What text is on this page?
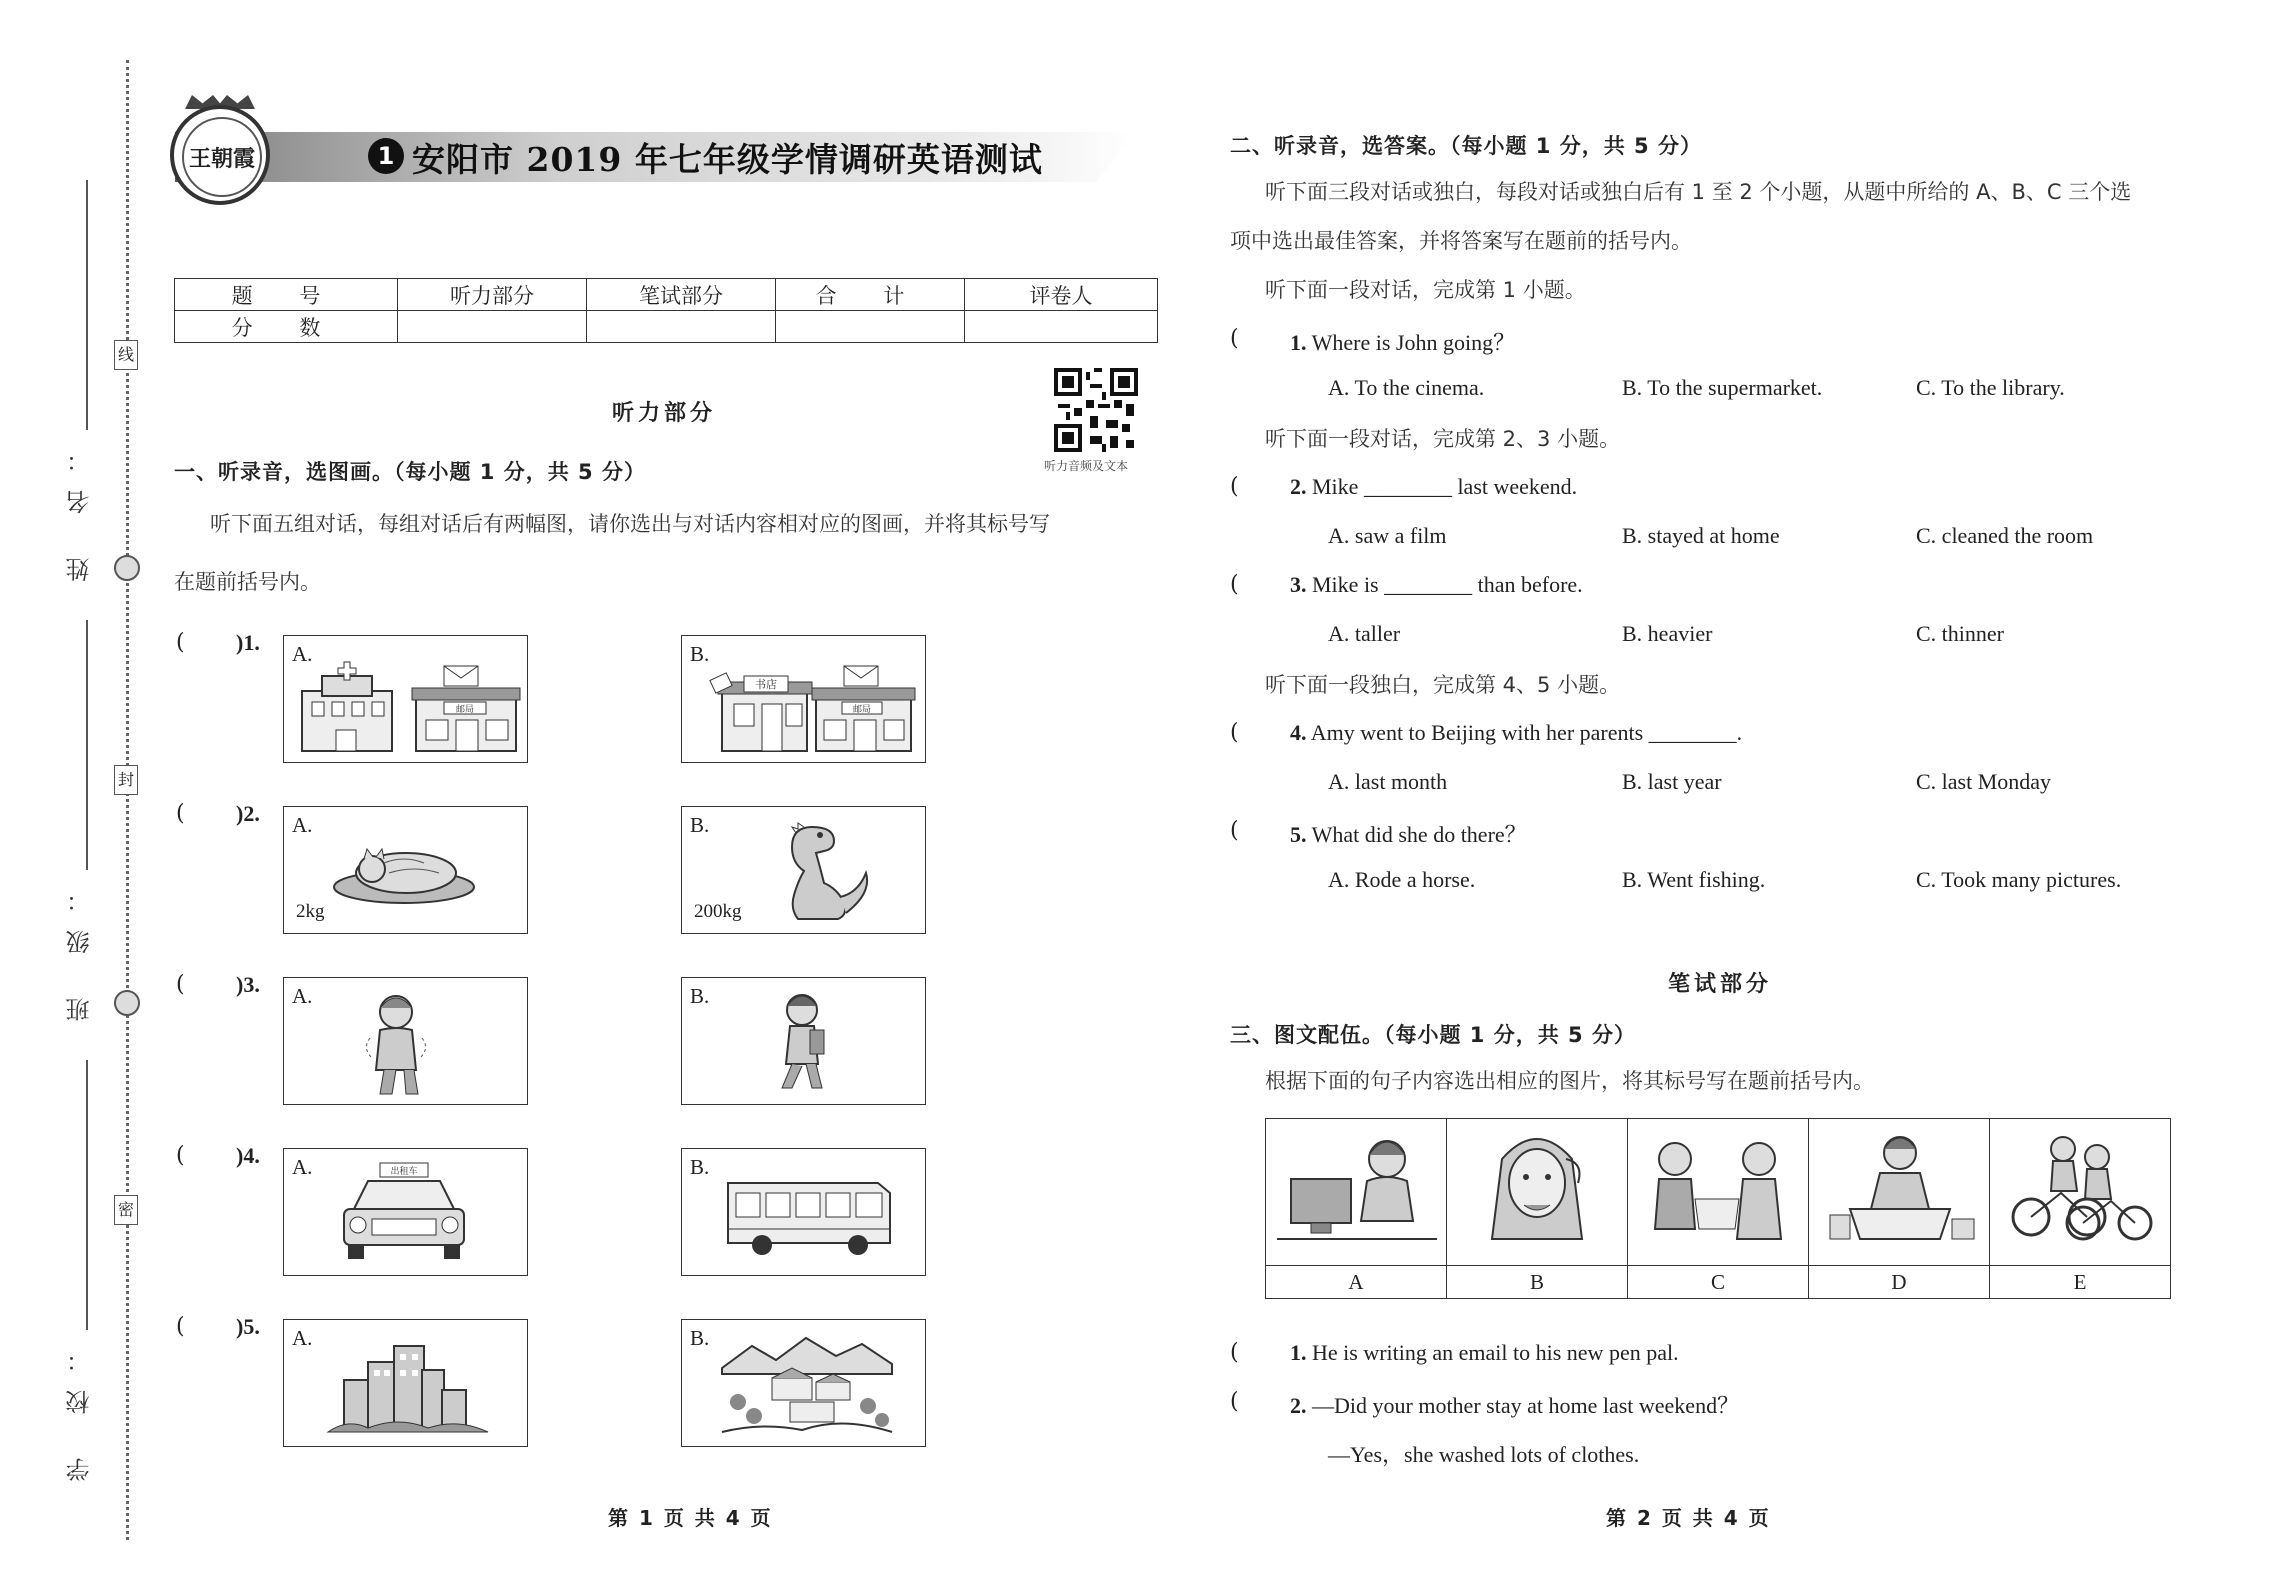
姓 名：
班 级：
学 校：
线
封
密
王朝霞	1 安阳市 2019 年七年级学情调研英语测试
题 号	听力部分	笔试部分	合 计	评卷人
分 数				
听力部分
听力音频及文本
一、听录音，选图画。（每小题 1 分，共 5 分）
听下面五组对话，每组对话后有两幅图，请你选出与对话内容相对应的图画，并将其标号写
在题前括号内。
( )1. A.
邮局
B.
书店
邮局
( )2. A.
2kg
B.
200kg
( )3. A.	B.
( )4. A.	出租车	B.
( )5. A.	B.
二、听录音，选答案。（每小题 1 分，共 5 分）
听下面三段对话或独白，每段对话或独白后有 1 至 2 个小题，从题中所给的 A、B、C 三个选
项中选出最佳答案，并将答案写在题前的括号内。
听下面一段对话，完成第 1 小题。
( 1. Where is John going？
A. To the cinema.	B. To the supermarket.	C. To the library.
听下面一段对话，完成第 2、3 小题。
( 2. Mike ________ last weekend.
A. saw a film	B. stayed at home	C. cleaned the room
( 3. Mike is ________ than before.
A. taller	B. heavier	C. thinner
听下面一段独白，完成第 4、5 小题。
( 4. Amy went to Beijing with her parents ________.
A. last month	B. last year	C. last Monday
( 5. What did she do there？
A. Rode a horse.	B. Went fishing.	C. Took many pictures.
笔试部分
三、图文配伍。（每小题 1 分，共 5 分）
根据下面的句子内容选出相应的图片，将其标号写在题前括号内。

A	B	C	D	E
( 1. He is writing an email to his new pen pal.
( 2. —Did your mother stay at home last weekend？
—Yes，she washed lots of clothes.
第 1 页 共 4 页	第 2 页 共 4 页
